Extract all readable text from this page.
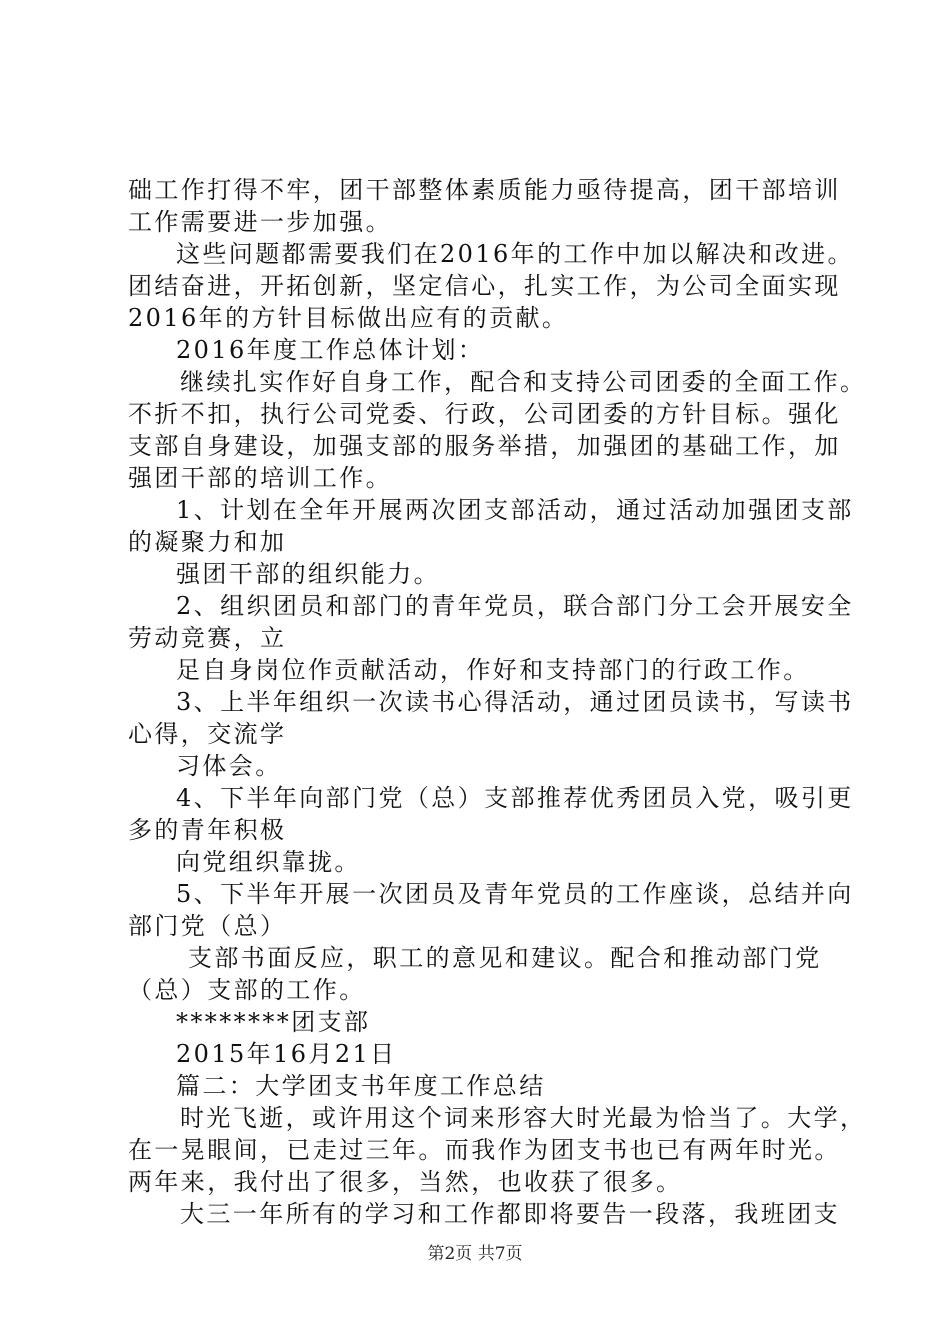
础工作打得不牢，团干部整体素质能力亟待提高，团干部培训
工作需要进一步加强。
这些问题都需要我们在2016年的工作中加以解决和改进。
团结奋进，开拓创新，坚定信心，扎实工作，为公司全面实现
2016年的方针目标做出应有的贡献。
2016年度工作总体计划：
继续扎实作好自身工作，配合和支持公司团委的全面工作。
不折不扣，执行公司党委、行政，公司团委的方针目标。强化
支部自身建设，加强支部的服务举措，加强团的基础工作，加
强团干部的培训工作。
1、计划在全年开展两次团支部活动，通过活动加强团支部
的凝聚力和加
强团干部的组织能力。
2、组织团员和部门的青年党员，联合部门分工会开展安全
劳动竞赛，立
足自身岗位作贡献活动，作好和支持部门的行政工作。
3、上半年组织一次读书心得活动，通过团员读书，写读书
心得，交流学
习体会。
4、下半年向部门党（总）支部推荐优秀团员入党，吸引更
多的青年积极
向党组织靠拢。
5、下半年开展一次团员及青年党员的工作座谈，总结并向
部门党（总）
支部书面反应，职工的意见和建议。配合和推动部门党
（总）支部的工作。
********团支部
2015年16月21日
篇二：大学团支书年度工作总结
时光飞逝，或许用这个词来形容大时光最为恰当了。大学，
在一晃眼间，已走过三年。而我作为团支书也已有两年时光。
两年来，我付出了很多，当然，也收获了很多。
大三一年所有的学习和工作都即将要告一段落，我班团支
第2页 共7页
